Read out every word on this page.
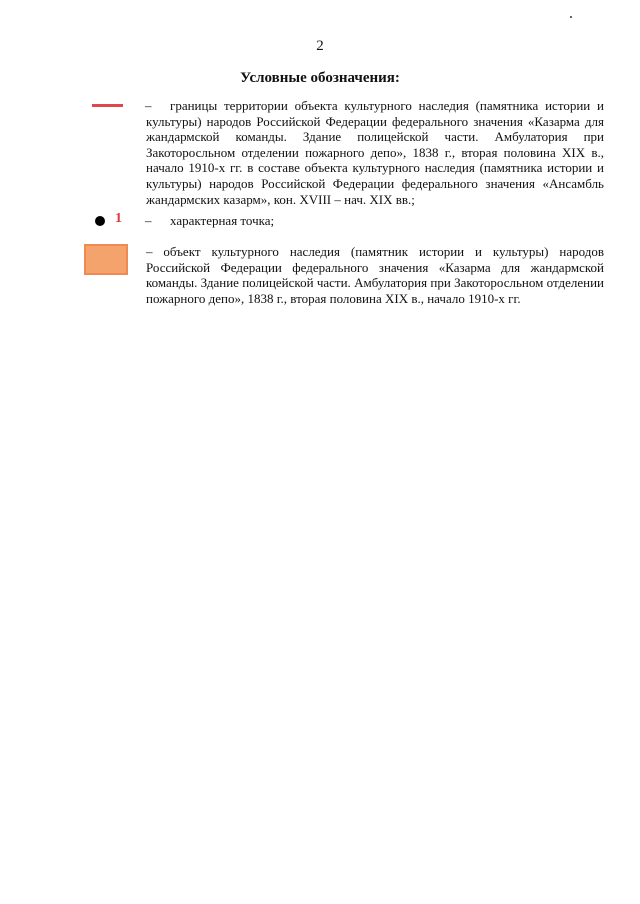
2
Условные обозначения:
–	границы территории объекта культурного наследия (памятника истории и культуры) народов Российской Федерации федерального значения «Казарма для жандармской команды. Здание полицейской части. Амбулатория при Закоторосльном отделении пожарного депо», 1838 г., вторая половина XIX в., начало 1910-х гг. в составе объекта культурного наследия (памятника истории и культуры) народов Российской Федерации федерального значения «Ансамбль жандармских казарм», кон. XVIII – нач. XIX вв.;
1 – характерная точка;
– объект культурного наследия (памятник истории и культуры) народов Российской Федерации федерального значения «Казарма для жандармской команды. Здание полицейской части. Амбулатория при Закоторосльном отделении пожарного депо», 1838 г., вторая половина XIX в., начало 1910-х гг.
